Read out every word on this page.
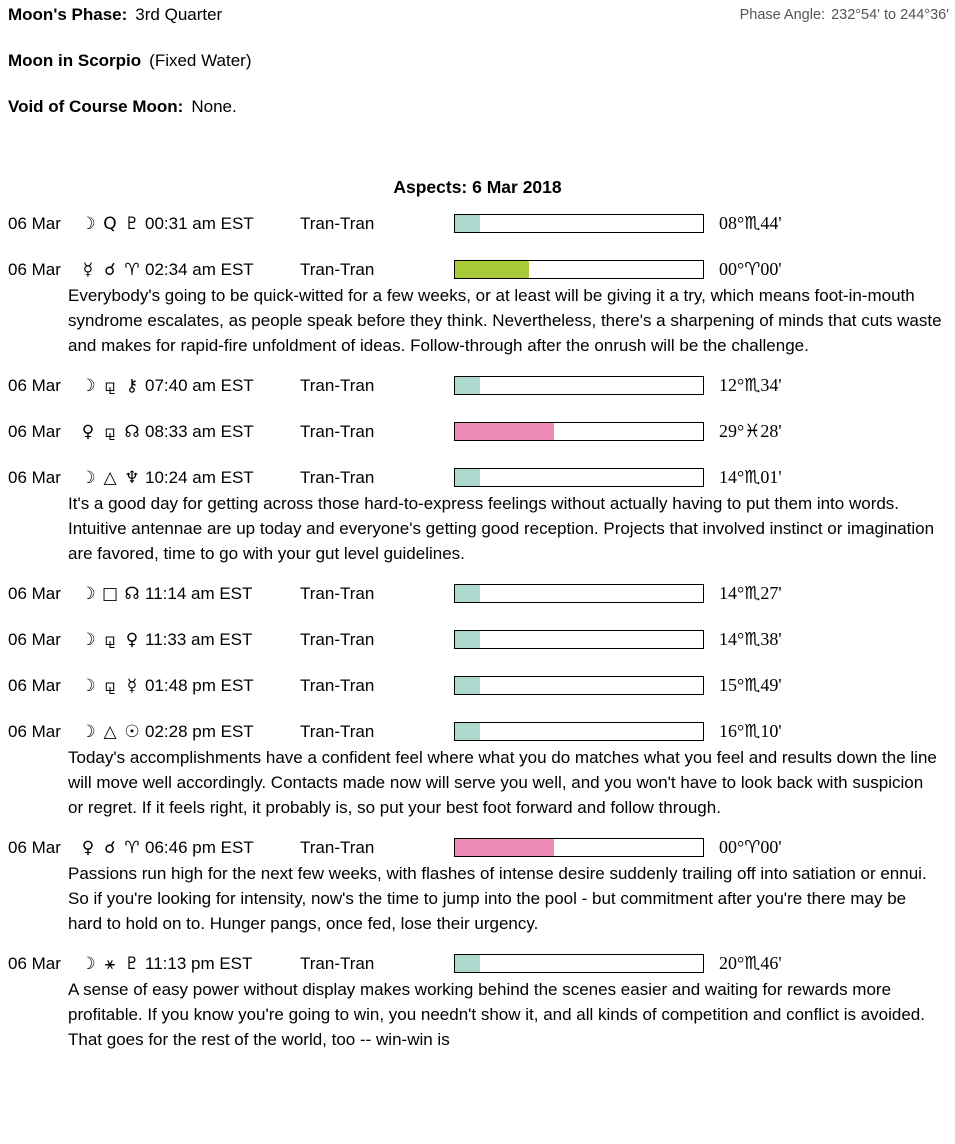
Moon's Phase: 3rd Quarter	Phase Angle: 232°54' to 244°36'
Moon in Scorpio (Fixed Water)
Void of Course Moon: None.
Aspects: 6 Mar 2018
06 Mar	☽ Q ♇ 00:31 am EST	Tran-Tran	08°♏44'
06 Mar	☿ ☌ ♈ 02:34 am EST	Tran-Tran	00°♈00'
Everybody's going to be quick-witted for a few weeks, or at least will be giving it a try, which means foot-in-mouth syndrome escalates, as people speak before they think. Nevertheless, there's a sharpening of minds that cuts waste and makes for rapid-fire unfoldment of ideas. Follow-through after the onrush will be the challenge.
06 Mar	☽ ⚼ ⚷ 07:40 am EST	Tran-Tran	12°♏34'
06 Mar	♀ ⚼ ☊ 08:33 am EST	Tran-Tran	29°♓28'
06 Mar	☽ △ ♆ 10:24 am EST	Tran-Tran	14°♏01'
It's a good day for getting across those hard-to-express feelings without actually having to put them into words. Intuitive antennae are up today and everyone's getting good reception. Projects that involved instinct or imagination are favored, time to go with your gut level guidelines.
06 Mar	☽ □ ☊ 11:14 am EST	Tran-Tran	14°♏27'
06 Mar	☽ ⚼ ♀ 11:33 am EST	Tran-Tran	14°♏38'
06 Mar	☽ ⚼ ☿ 01:48 pm EST	Tran-Tran	15°♏49'
06 Mar	☽ △ ☉ 02:28 pm EST	Tran-Tran	16°♏10'
Today's accomplishments have a confident feel where what you do matches what you feel and results down the line will move well accordingly. Contacts made now will serve you well, and you won't have to look back with suspicion or regret. If it feels right, it probably is, so put your best foot forward and follow through.
06 Mar	♀ ☌ ♈ 06:46 pm EST	Tran-Tran	00°♈00'
Passions run high for the next few weeks, with flashes of intense desire suddenly trailing off into satiation or ennui. So if you're looking for intensity, now's the time to jump into the pool - but commitment after you're there may be hard to hold on to. Hunger pangs, once fed, lose their urgency.
06 Mar	☽ ⚹ ♇ 11:13 pm EST	Tran-Tran	20°♏46'
A sense of easy power without display makes working behind the scenes easier and waiting for rewards more profitable. If you know you're going to win, you needn't show it, and all kinds of competition and conflict is avoided. That goes for the rest of the world, too -- win-win is
